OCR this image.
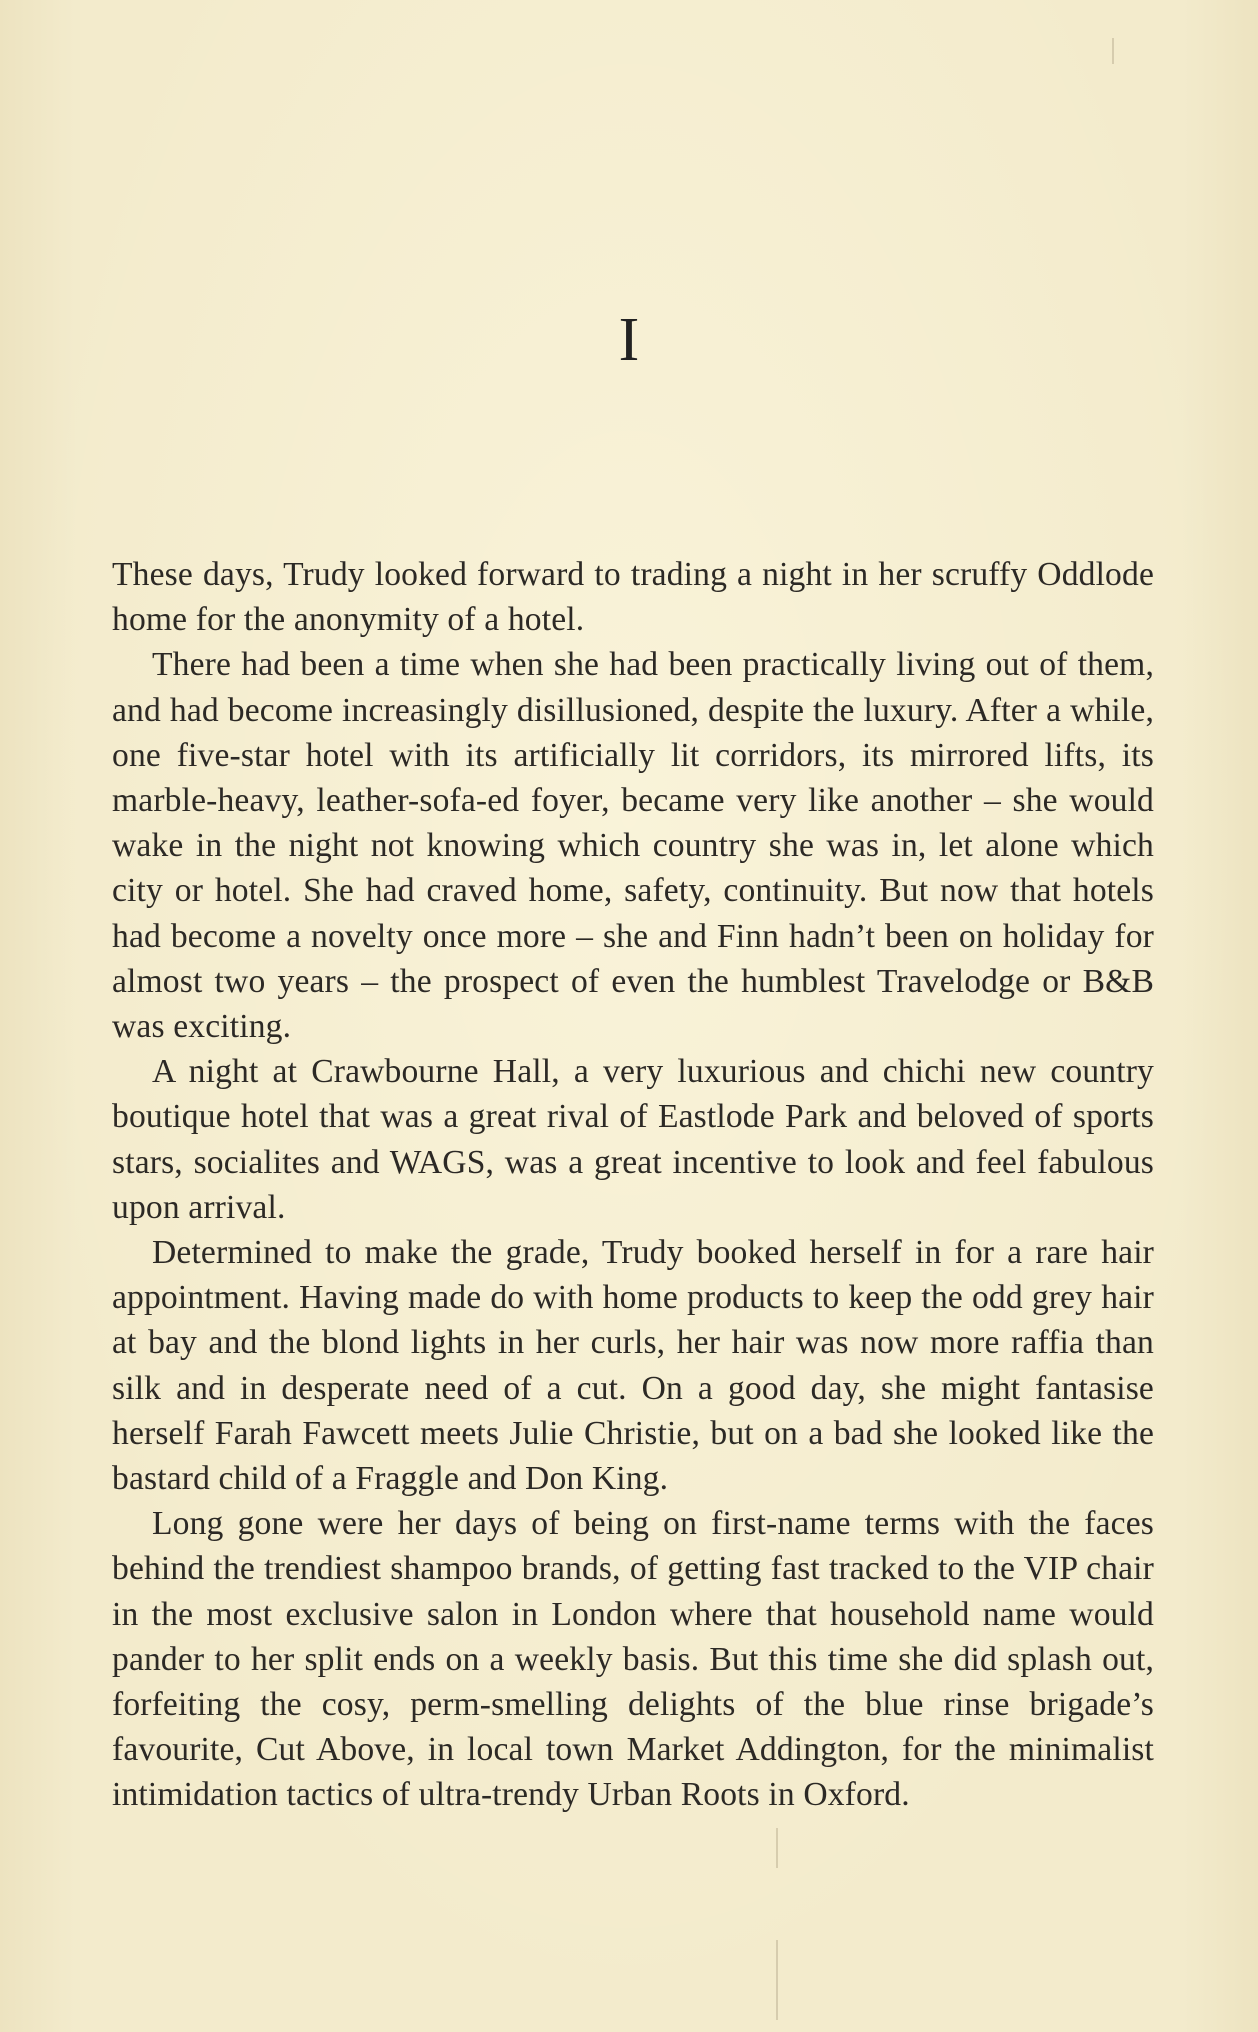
I

These days, Trudy looked forward to trading a night in her scruffy Oddlode home for the anonymity of a hotel.

There had been a time when she had been practically living out of them, and had become increasingly disillusioned, despite the luxury. After a while, one five-star hotel with its artificially lit corridors, its mirrored lifts, its marble-heavy, leather-sofa-ed foyer, became very like another – she would wake in the night not knowing which country she was in, let alone which city or hotel. She had craved home, safety, continuity. But now that hotels had become a novelty once more – she and Finn hadn’t been on holiday for almost two years – the prospect of even the humblest Travelodge or B&B was exciting.

A night at Crawbourne Hall, a very luxurious and chichi new country boutique hotel that was a great rival of Eastlode Park and beloved of sports stars, socialites and WAGS, was a great incentive to look and feel fabulous upon arrival.

Determined to make the grade, Trudy booked herself in for a rare hair appointment. Having made do with home products to keep the odd grey hair at bay and the blond lights in her curls, her hair was now more raffia than silk and in desperate need of a cut. On a good day, she might fantasise herself Farah Fawcett meets Julie Christie, but on a bad she looked like the bastard child of a Fraggle and Don King.

Long gone were her days of being on first-name terms with the faces behind the trendiest shampoo brands, of getting fast tracked to the VIP chair in the most exclusive salon in London where that household name would pander to her split ends on a weekly basis. But this time she did splash out, forfeiting the cosy, perm-smelling delights of the blue rinse brigade’s favourite, Cut Above, in local town Market Addington, for the minimalist intimidation tactics of ultra-trendy Urban Roots in Oxford.
